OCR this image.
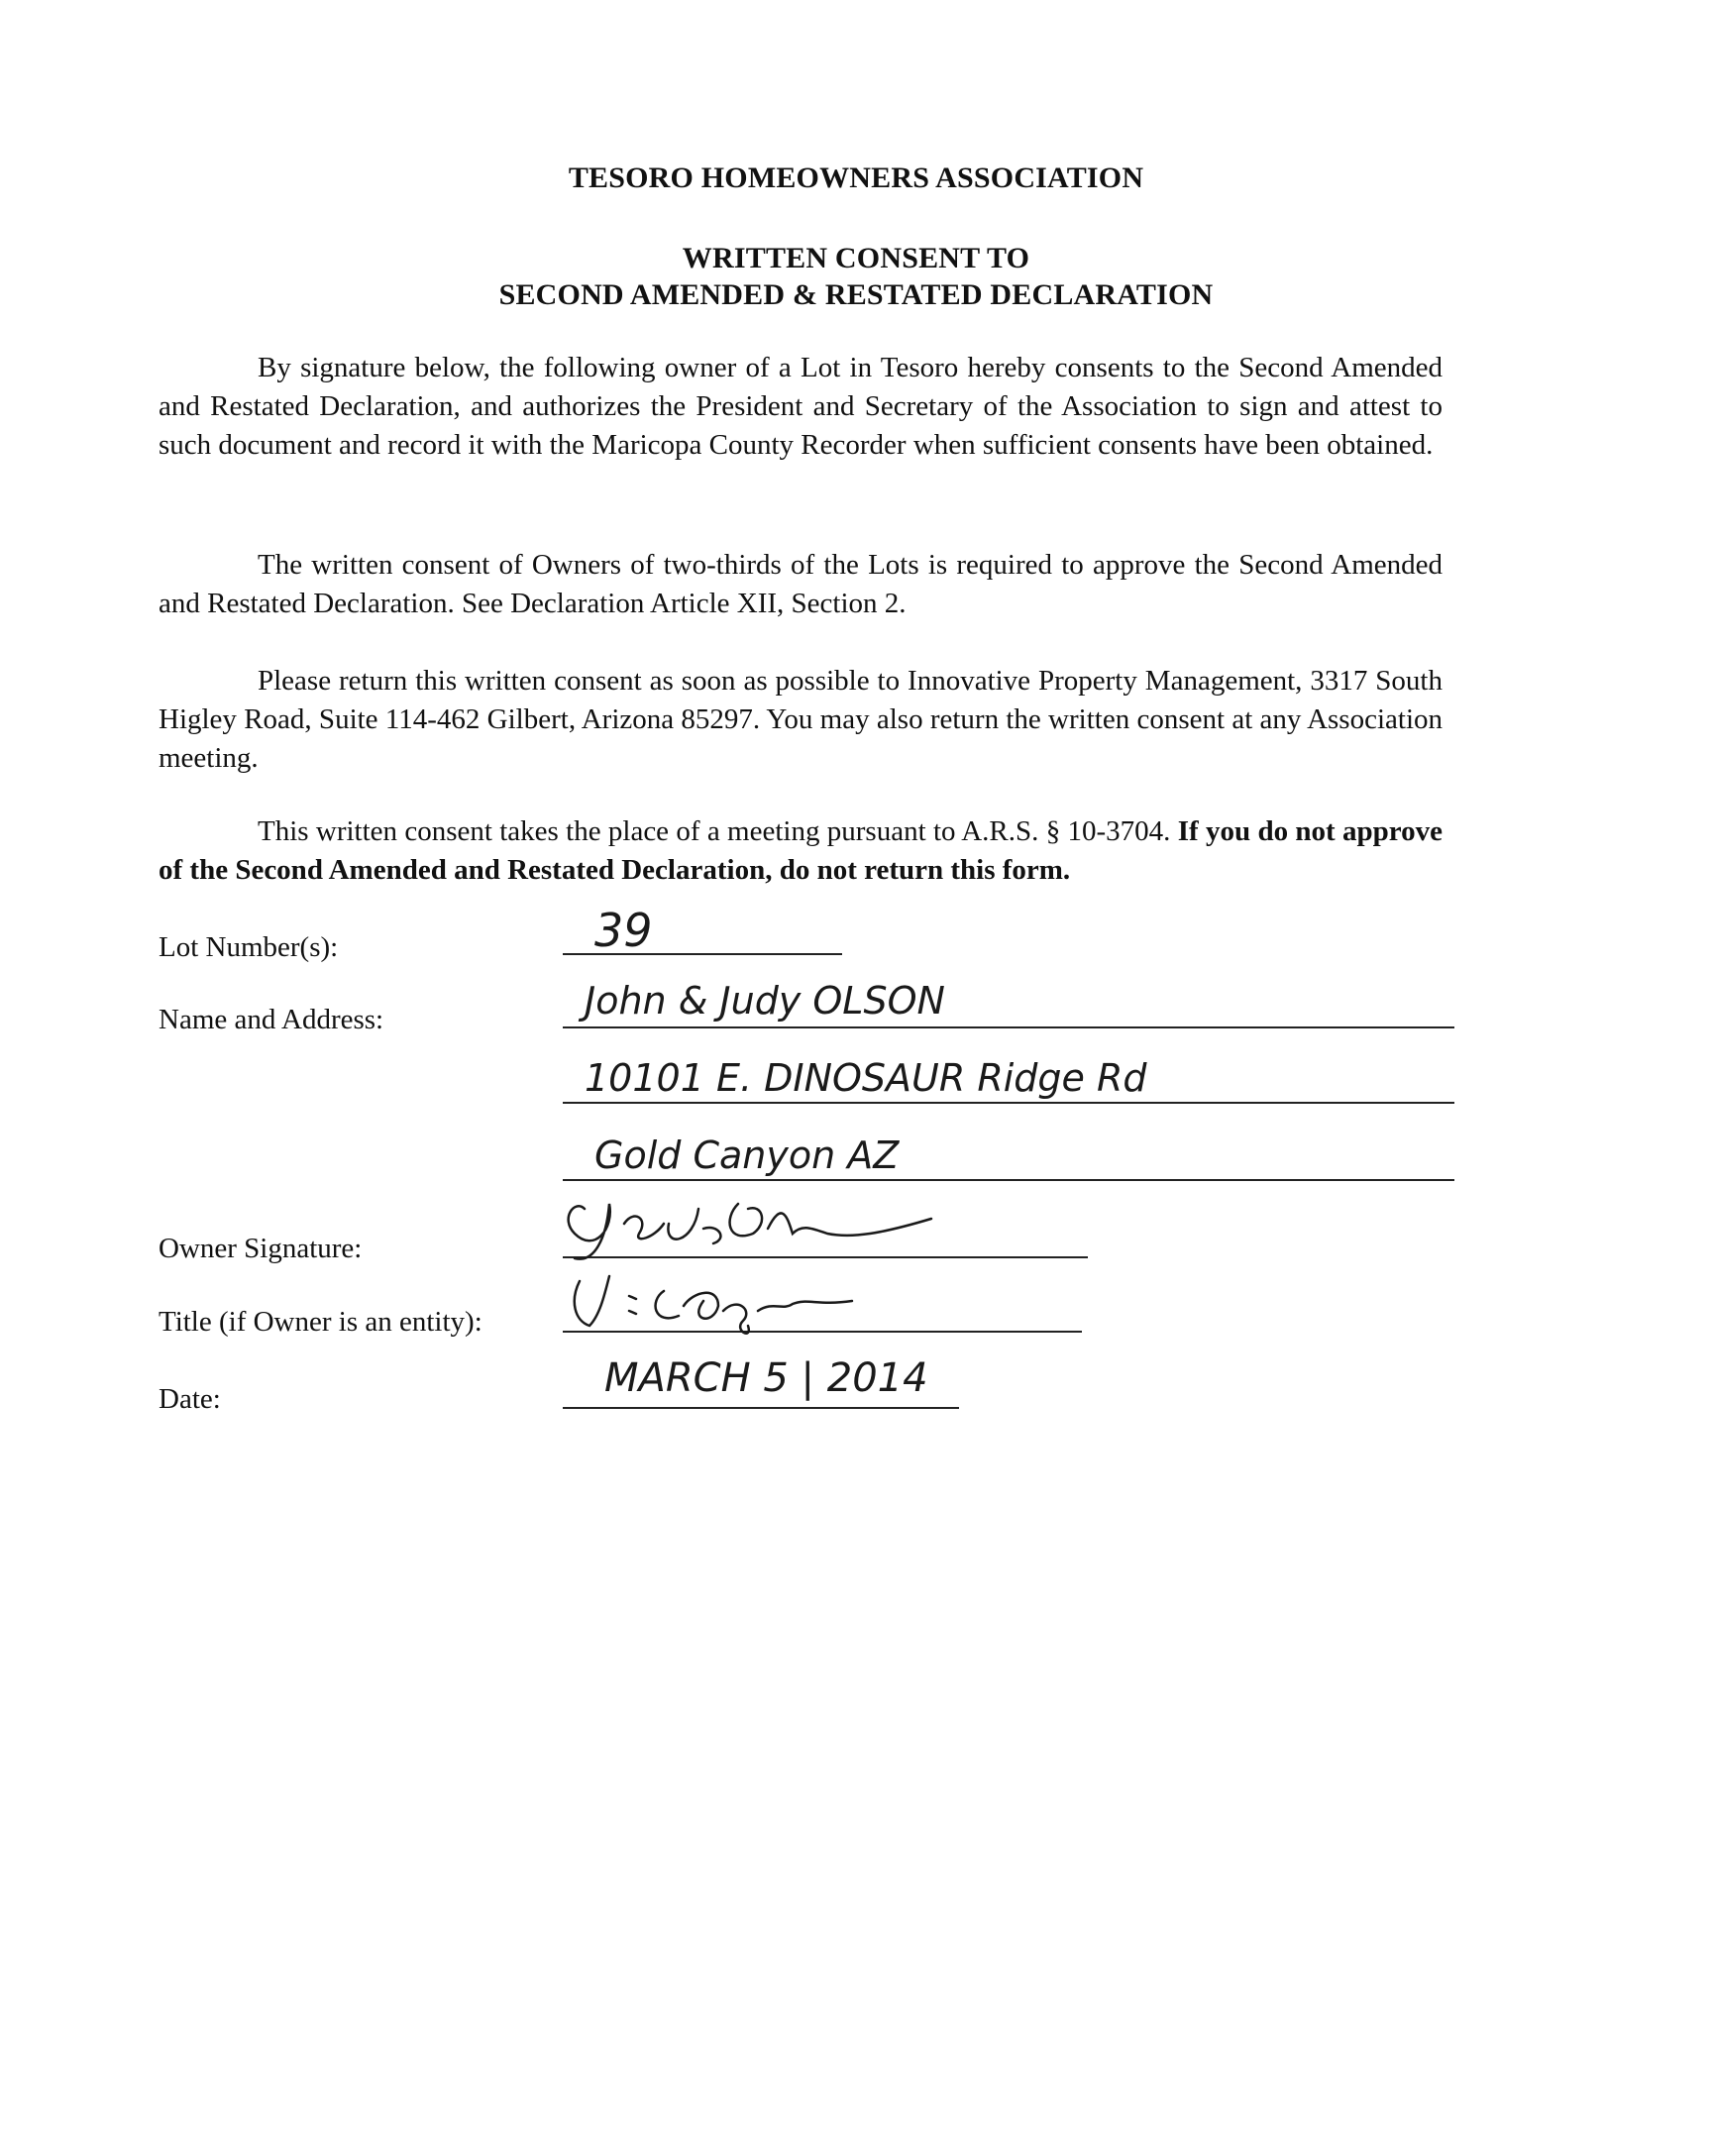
TESORO HOMEOWNERS ASSOCIATION
WRITTEN CONSENT TO
SECOND AMENDED & RESTATED DECLARATION
By signature below, the following owner of a Lot in Tesoro hereby consents to the Second Amended and Restated Declaration, and authorizes the President and Secretary of the Association to sign and attest to such document and record it with the Maricopa County Recorder when sufficient consents have been obtained.
The written consent of Owners of two-thirds of the Lots is required to approve the Second Amended and Restated Declaration. See Declaration Article XII, Section 2.
Please return this written consent as soon as possible to Innovative Property Management, 3317 South Higley Road, Suite 114-462 Gilbert, Arizona 85297. You may also return the written consent at any Association meeting.
This written consent takes the place of a meeting pursuant to A.R.S. § 10-3704. If you do not approve of the Second Amended and Restated Declaration, do not return this form.
Lot Number(s):	39
Name and Address:	John & Judy OLSON
10101 E. DINOSAUR Ridge Rd
Gold Canyon AZ
Owner Signature:
Title (if Owner is an entity):
Date:	MARCH 5 | 2014
